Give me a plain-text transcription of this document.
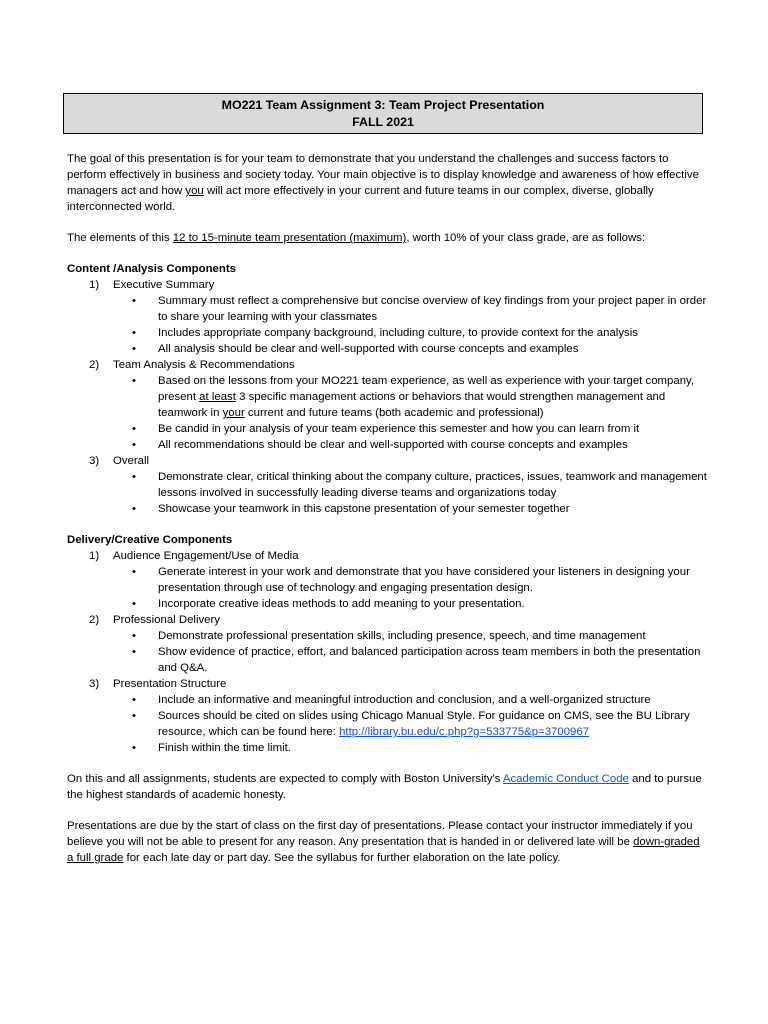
MO221 Team Assignment 3: Team Project Presentation
FALL 2021

The goal of this presentation is for your team to demonstrate that you understand the challenges and success factors to perform effectively in business and society today. Your main objective is to display knowledge and awareness of how effective managers act and how you will act more effectively in your current and future teams in our complex, diverse, globally interconnected world.

The elements of this 12 to 15-minute team presentation (maximum), worth 10% of your class grade, are as follows:

Content /Analysis Components

1) Executive Summary
• Summary must reflect a comprehensive but concise overview of key findings from your project paper in order to share your learning with your classmates
• Includes appropriate company background, including culture, to provide context for the analysis
• All analysis should be clear and well-supported with course concepts and examples
2) Team Analysis & Recommendations
• Based on the lessons from your MO221 team experience, as well as experience with your target company, present at least 3 specific management actions or behaviors that would strengthen management and teamwork in your current and future teams (both academic and professional)
• Be candid in your analysis of your team experience this semester and how you can learn from it
• All recommendations should be clear and well-supported with course concepts and examples
3) Overall
• Demonstrate clear, critical thinking about the company culture, practices, issues, teamwork and management lessons involved in successfully leading diverse teams and organizations today
• Showcase your teamwork in this capstone presentation of your semester together

Delivery/Creative Components

1) Audience Engagement/Use of Media
• Generate interest in your work and demonstrate that you have considered your listeners in designing your presentation through use of technology and engaging presentation design.
• Incorporate creative ideas methods to add meaning to your presentation.
2) Professional Delivery
• Demonstrate professional presentation skills, including presence, speech, and time management
• Show evidence of practice, effort, and balanced participation across team members in both the presentation and Q&A.
3) Presentation Structure
• Include an informative and meaningful introduction and conclusion, and a well-organized structure
• Sources should be cited on slides using Chicago Manual Style. For guidance on CMS, see the BU Library resource, which can be found here: http://library.bu.edu/c.php?g=533775&p=3700967
• Finish within the time limit.

On this and all assignments, students are expected to comply with Boston University's Academic Conduct Code and to pursue the highest standards of academic honesty.

Presentations are due by the start of class on the first day of presentations. Please contact your instructor immediately if you believe you will not be able to present for any reason. Any presentation that is handed in or delivered late will be down-graded a full grade for each late day or part day. See the syllabus for further elaboration on the late policy.
